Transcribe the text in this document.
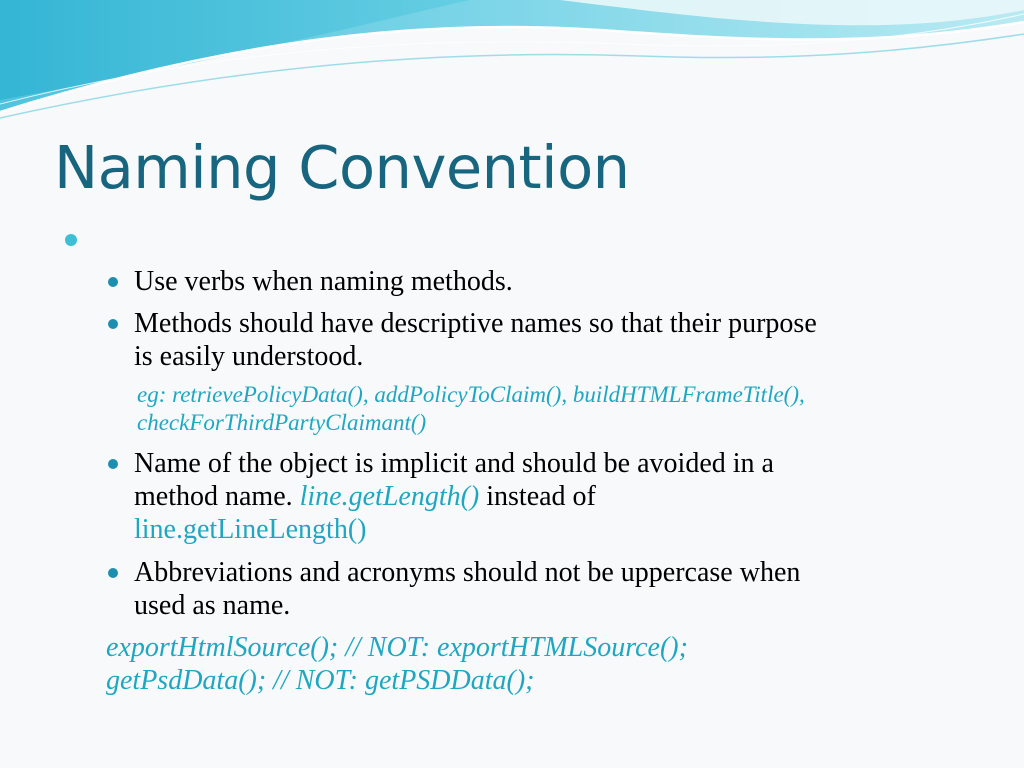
Naming Convention

Use verbs when naming methods.

Methods should have descriptive names so that their purpose

is easily understood.

eg: retrievePolicyData(), addPolicyToClaim(), buildHTMLFrameTitle(),

checkForThirdPartyClaimant()

Name of the object is implicit and should be avoided in a

method name. line.getLength() instead of

line.getLineLength()

Abbreviations and acronyms should not be uppercase when

used as name.

exportHtmlSource(); // NOT: exportHTMLSource();

getPsdData(); // NOT: getPSDData();
